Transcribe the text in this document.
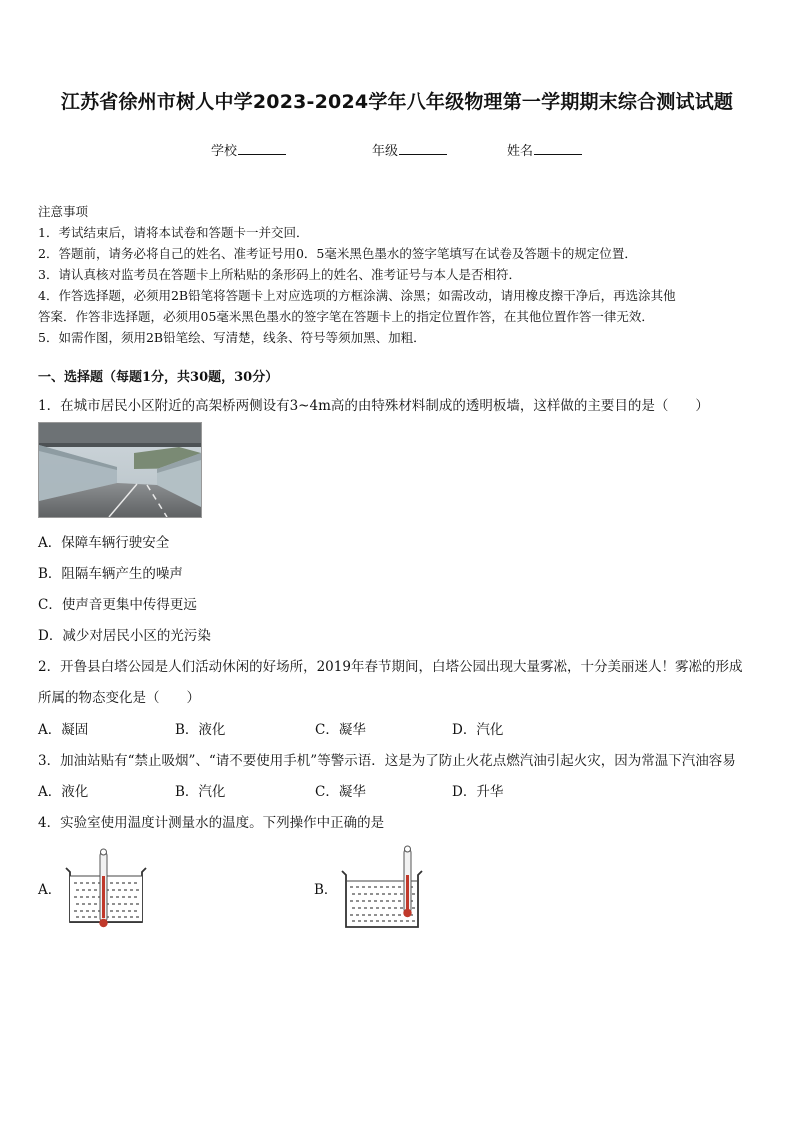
江苏省徐州市树人中学2023-2024学年八年级物理第一学期期末综合测试试题
学校	年级	姓名
注意事项
1．考试结束后，请将本试卷和答题卡一并交回．
2．答题前，请务必将自己的姓名、准考证号用0．5毫米黑色墨水的签字笔填写在试卷及答题卡的规定位置．
3．请认真核对监考员在答题卡上所粘贴的条形码上的姓名、准考证号与本人是否相符．
4．作答选择题，必须用2B铅笔将答题卡上对应选项的方框涂满、涂黑；如需改动，请用橡皮擦干净后，再选涂其他
答案．作答非选择题，必须用05毫米黑色墨水的签字笔在答题卡上的指定位置作答，在其他位置作答一律无效．
5．如需作图，须用2B铅笔绘、写清楚，线条、符号等须加黑、加粗．
一、选择题（每题1分，共30题，30分）
1．在城市居民小区附近的高架桥两侧设有3~4m高的由特殊材料制成的透明板墙，这样做的主要目的是（　　）
A．保障车辆行驶安全
B．阻隔车辆产生的噪声
C．使声音更集中传得更远
D．减少对居民小区的光污染
2．开鲁县白塔公园是人们活动休闲的好场所，2019年春节期间，白塔公园出现大量雾凇，十分美丽迷人！雾凇的形成
所属的物态变化是（　　）
A．凝固	B．液化	C．凝华	D．汽化
3．加油站贴有“禁止吸烟”、“请不要使用手机”等警示语．这是为了防止火花点燃汽油引起火灾，因为常温下汽油容易
A．液化	B．汽化	C．凝华	D．升华
4．实验室使用温度计测量水的温度。下列操作中正确的是
A．	B．
